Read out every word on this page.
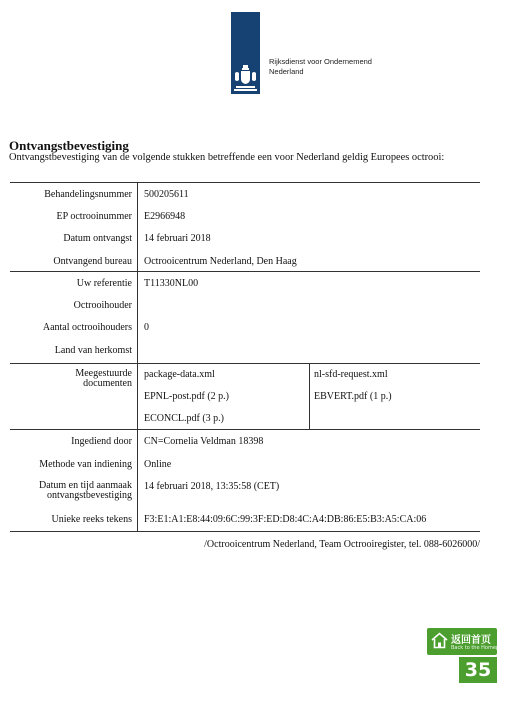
Rijksdienst voor Ondernemend
Nederland
Ontvangstbevestiging
Ontvangstbevestiging van de volgende stukken betreffende een voor Nederland geldig Europees octrooi:
Behandelingsnummer 500205611
EP octrooinummer E2966948
Datum ontvangst 14 februari 2018
Ontvangend bureau Octrooicentrum Nederland, Den Haag
Uw referentie T11330NL00
Octrooihouder
Aantal octrooihouders 0
Land van herkomst
Meegestuurde
documenten
package-data.xml	nl-sfd-request.xml
EPNL-post.pdf (2 p.)	EBVERT.pdf (1 p.)
ECONCL.pdf (3 p.)
Ingediend door CN=Cornelia Veldman 18398
Methode van indiening Online
Datum en tijd aanmaak
ontvangstbevestiging
14 februari 2018, 13:35:58 (CET)
Unieke reeks tekens F3:E1:A1:E8:44:09:6C:99:3F:ED:D8:4C:A4:DB:86:E5:B3:A5:CA:06
/Octrooicentrum Nederland, Team Octrooiregister, tel. 088-6026000/
返回首页
Back to the Homepage
35
